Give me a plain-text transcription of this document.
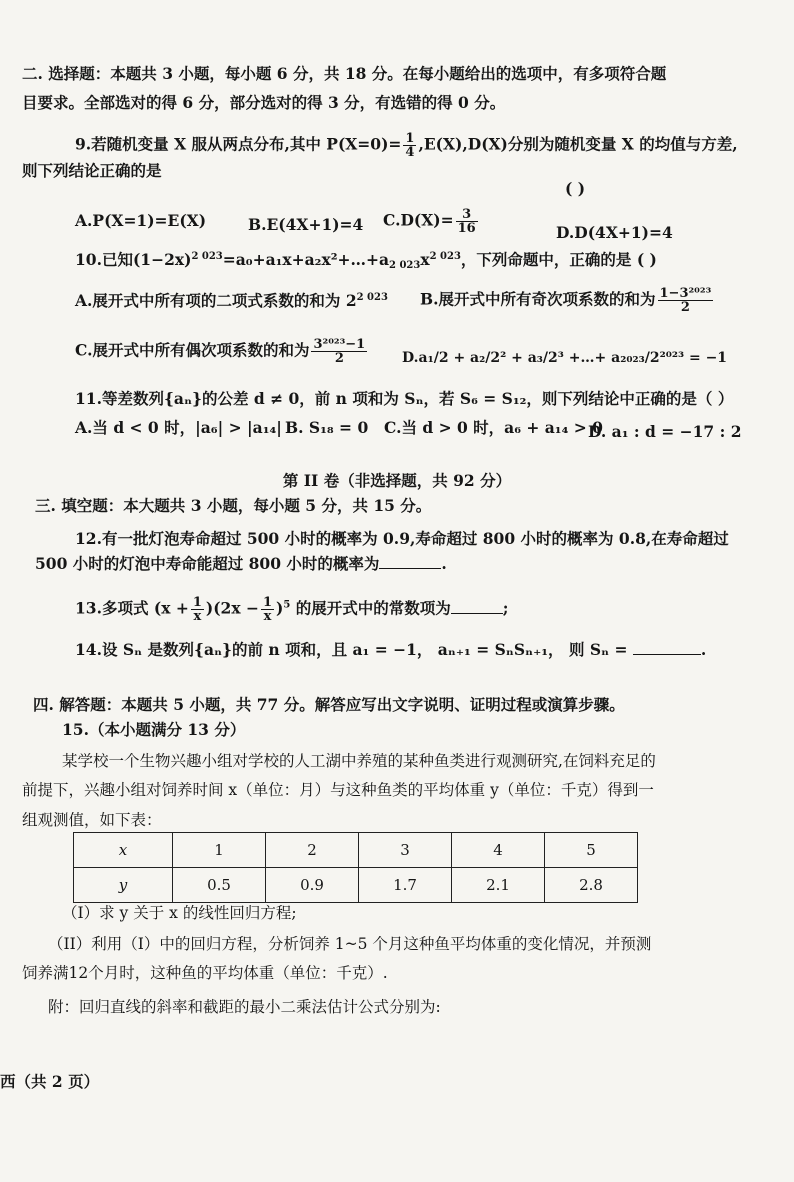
二. 选择题：本题共 3 小题，每小题 6 分，共 18 分。在每小题给出的选项中，有多项符合题
目要求。全部选对的得 6 分，部分选对的得 3 分，有选错的得 0 分。
9.若随机变量 X 服从两点分布,其中 $P(X=0)= \frac{1}{4} ,E(X),D(X)$分别为随机变量 X 的均值与方差,
则下列结论正确的是
( )
A.P(X=1)=E(X)	B.E(4X+1)=4 $C.D(X)= \frac{3}{16}$	D.D(4X+1)=4
10.已知$(1-2x)^{2 023}=a_0+a_1x+a_2x^2+\dots+a_{2 023}x^{2 023}$，下列命题中，正确的是 ( )
A.展开式中所有项的二项式系数的和为 $2^{2 023}$ B.展开式中所有奇次项系数的和为 $\frac{\text{1−3²⁰²³}}{2}$
C.展开式中所有偶次项系数的和为 $\frac{\text{3²⁰²³−1}}{2} D.a_1/2 + a_2/2^2 + a_3/2^3$ +…+ a₂₀₂₃/2²⁰²³ = −1
11.等差数列{aₙ}的公差 d ≠ 0，前 n 项和为 Sₙ，若 S₆ = S₁₂，则下列结论中正确的是（ ）
A.当 d < 0 时，|a₆| > |a₁₄| B. S₁₈ = 0 C.当 d > 0 时，a₆ + a₁₄ > 0
D. a₁ : d = −17 : 2
第 II 卷（非选择题，共 92 分）
三. 填空题：本大题共 3 小题，每小题 5 分，共 15 分。
12.有一批灯泡寿命超过 500 小时的概率为 0.9,寿命超过 800 小时的概率为 0.8,在寿命超过
500 小时的灯泡中寿命能超过 800 小时的概率为	.
13.多项式 $(x + \frac{1}{x} )(2x - \frac{1}{x} )^5$ 的展开式中的常数项为	;
14.设 Sₙ 是数列{aₙ}的前 n 项和，且 a₁ = −1， aₙ₊₁ = SₙSₙ₊₁， 则 Sₙ =	.
四. 解答题：本题共 5 小题，共 77 分。解答应写出文字说明、证明过程或演算步骤。
15.（本小题满分 13 分）
某学校一个生物兴趣小组对学校的人工湖中养殖的某种鱼类进行观测研究,在饲料充足的
前提下，兴趣小组对饲养时间 x（单位：月）与这种鱼类的平均体重 y（单位：千克）得到一
组观测值，如下表：
x	1	2	3	4	5
y	0.5	0.9	1.7	2.1	2.8
（I）求 y 关于 x 的线性回归方程;
（II）利用（I）中的回归方程，分析饲养 1~5 个月这种鱼平均体重的变化情况，并预测
饲养满12个月时，这种鱼的平均体重（单位：千克）.
附：回归直线的斜率和截距的最小二乘法估计公式分别为:
西（共 2 页）
